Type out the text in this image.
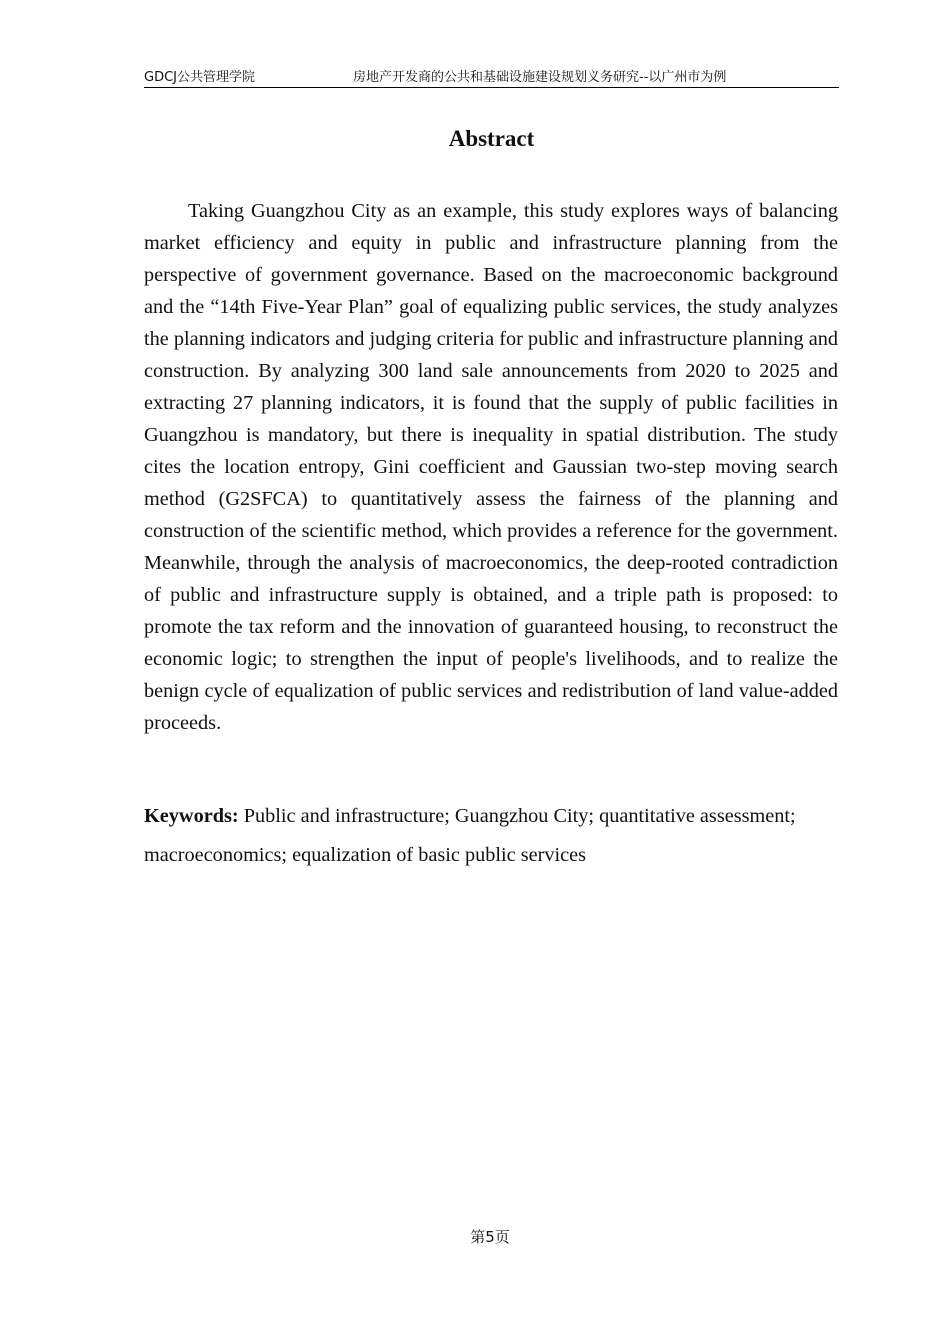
GDCJ公共管理学院	房地产开发商的公共和基础设施建设规划义务研究--以广州市为例
Abstract

Taking Guangzhou City as an example, this study explores ways of balancing market efficiency and equity in public and infrastructure planning from the perspective of government governance. Based on the macroeconomic background and the “14th Five-Year Plan” goal of equalizing public services, the study analyzes the planning indicators and judging criteria for public and infrastructure planning and construction. By analyzing 300 land sale announcements from 2020 to 2025 and extracting 27 planning indicators, it is found that the supply of public facilities in Guangzhou is mandatory, but there is inequality in spatial distribution. The study cites the location entropy, Gini coefficient and Gaussian two-step moving search method (G2SFCA) to quantitatively assess the fairness of the planning and construction of the scientific method, which provides a reference for the government. Meanwhile, through the analysis of macroeconomics, the deep-rooted contradiction of public and infrastructure supply is obtained, and a triple path is proposed: to promote the tax reform and the innovation of guaranteed housing, to reconstruct the economic logic; to strengthen the input of people's livelihoods, and to realize the benign cycle of equalization of public services and redistribution of land value-added proceeds.

Keywords: Public and infrastructure; Guangzhou City; quantitative assessment; macroeconomics; equalization of basic public services

第5页
